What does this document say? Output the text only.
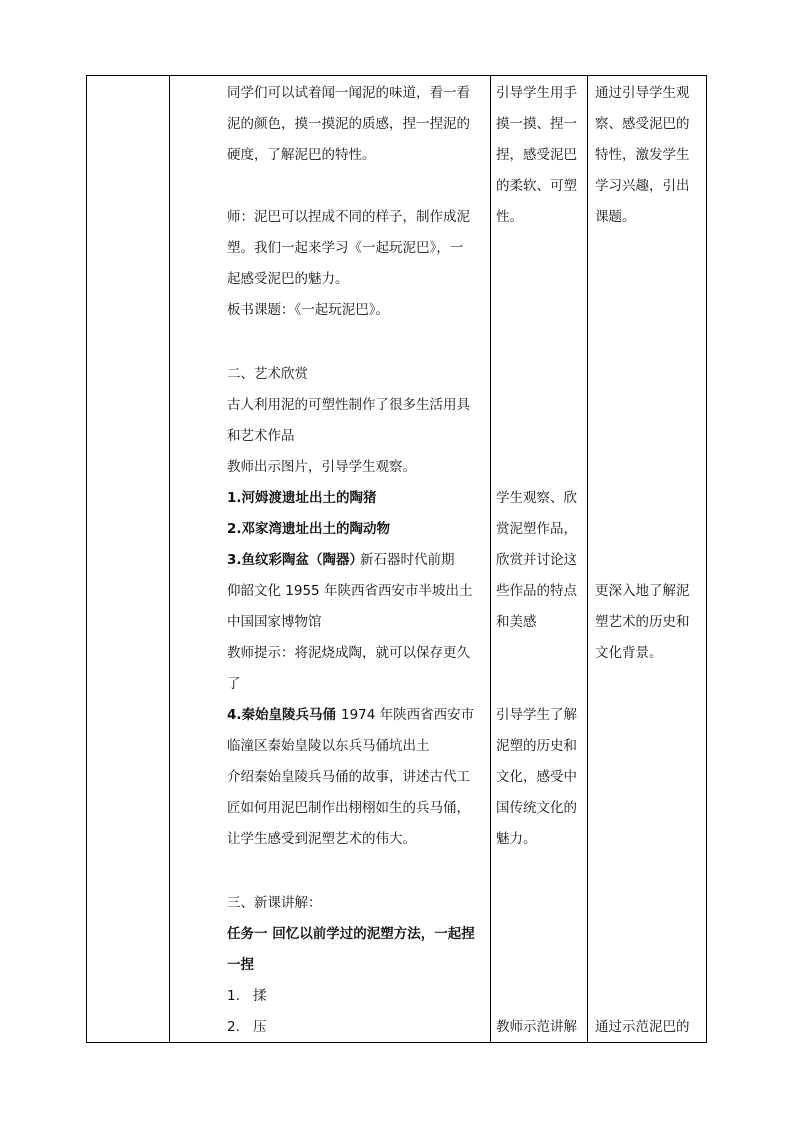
同学们可以试着闻一闻泥的味道，看一看
泥的颜色，摸一摸泥的质感，捏一捏泥的
硬度，了解泥巴的特性。
师：泥巴可以捏成不同的样子，制作成泥
塑。我们一起来学习《一起玩泥巴》，一
起感受泥巴的魅力。
板书课题：《一起玩泥巴》。
二、艺术欣赏
古人利用泥的可塑性制作了很多生活用具
和艺术作品
教师出示图片，引导学生观察。
1.河姆渡遗址出土的陶猪
2.邓家湾遗址出土的陶动物
3.鱼纹彩陶盆（陶器）
新石器时代前期
仰韶文化 1955 年陕西省西安市半坡出土
中国国家博物馆
教师提示：将泥烧成陶，就可以保存更久
了
4.秦始皇陵兵马俑 1974 年陕西省西安市
临潼区秦始皇陵以东兵马俑坑出土
介绍秦始皇陵兵马俑的故事，讲述古代工
匠如何用泥巴制作出栩栩如生的兵马俑，
让学生感受到泥塑艺术的伟大。
三、新课讲解：
任务一 回忆以前学过的泥塑方法，一起捏
一捏
1. 揉
2. 压
引导学生用手
摸一摸、捏一
捏，感受泥巴
的柔软、可塑
性。
学生观察、欣
赏泥塑作品，
欣赏并讨论这
些作品的特点
和美感
引导学生了解
泥塑的历史和
文化，感受中
国传统文化的
魅力。
教师示范讲解
通过引导学生观
察、感受泥巴的
特性，激发学生
学习兴趣，引出
课题。
更深入地了解泥
塑艺术的历史和
文化背景。
通过示范泥巴的
